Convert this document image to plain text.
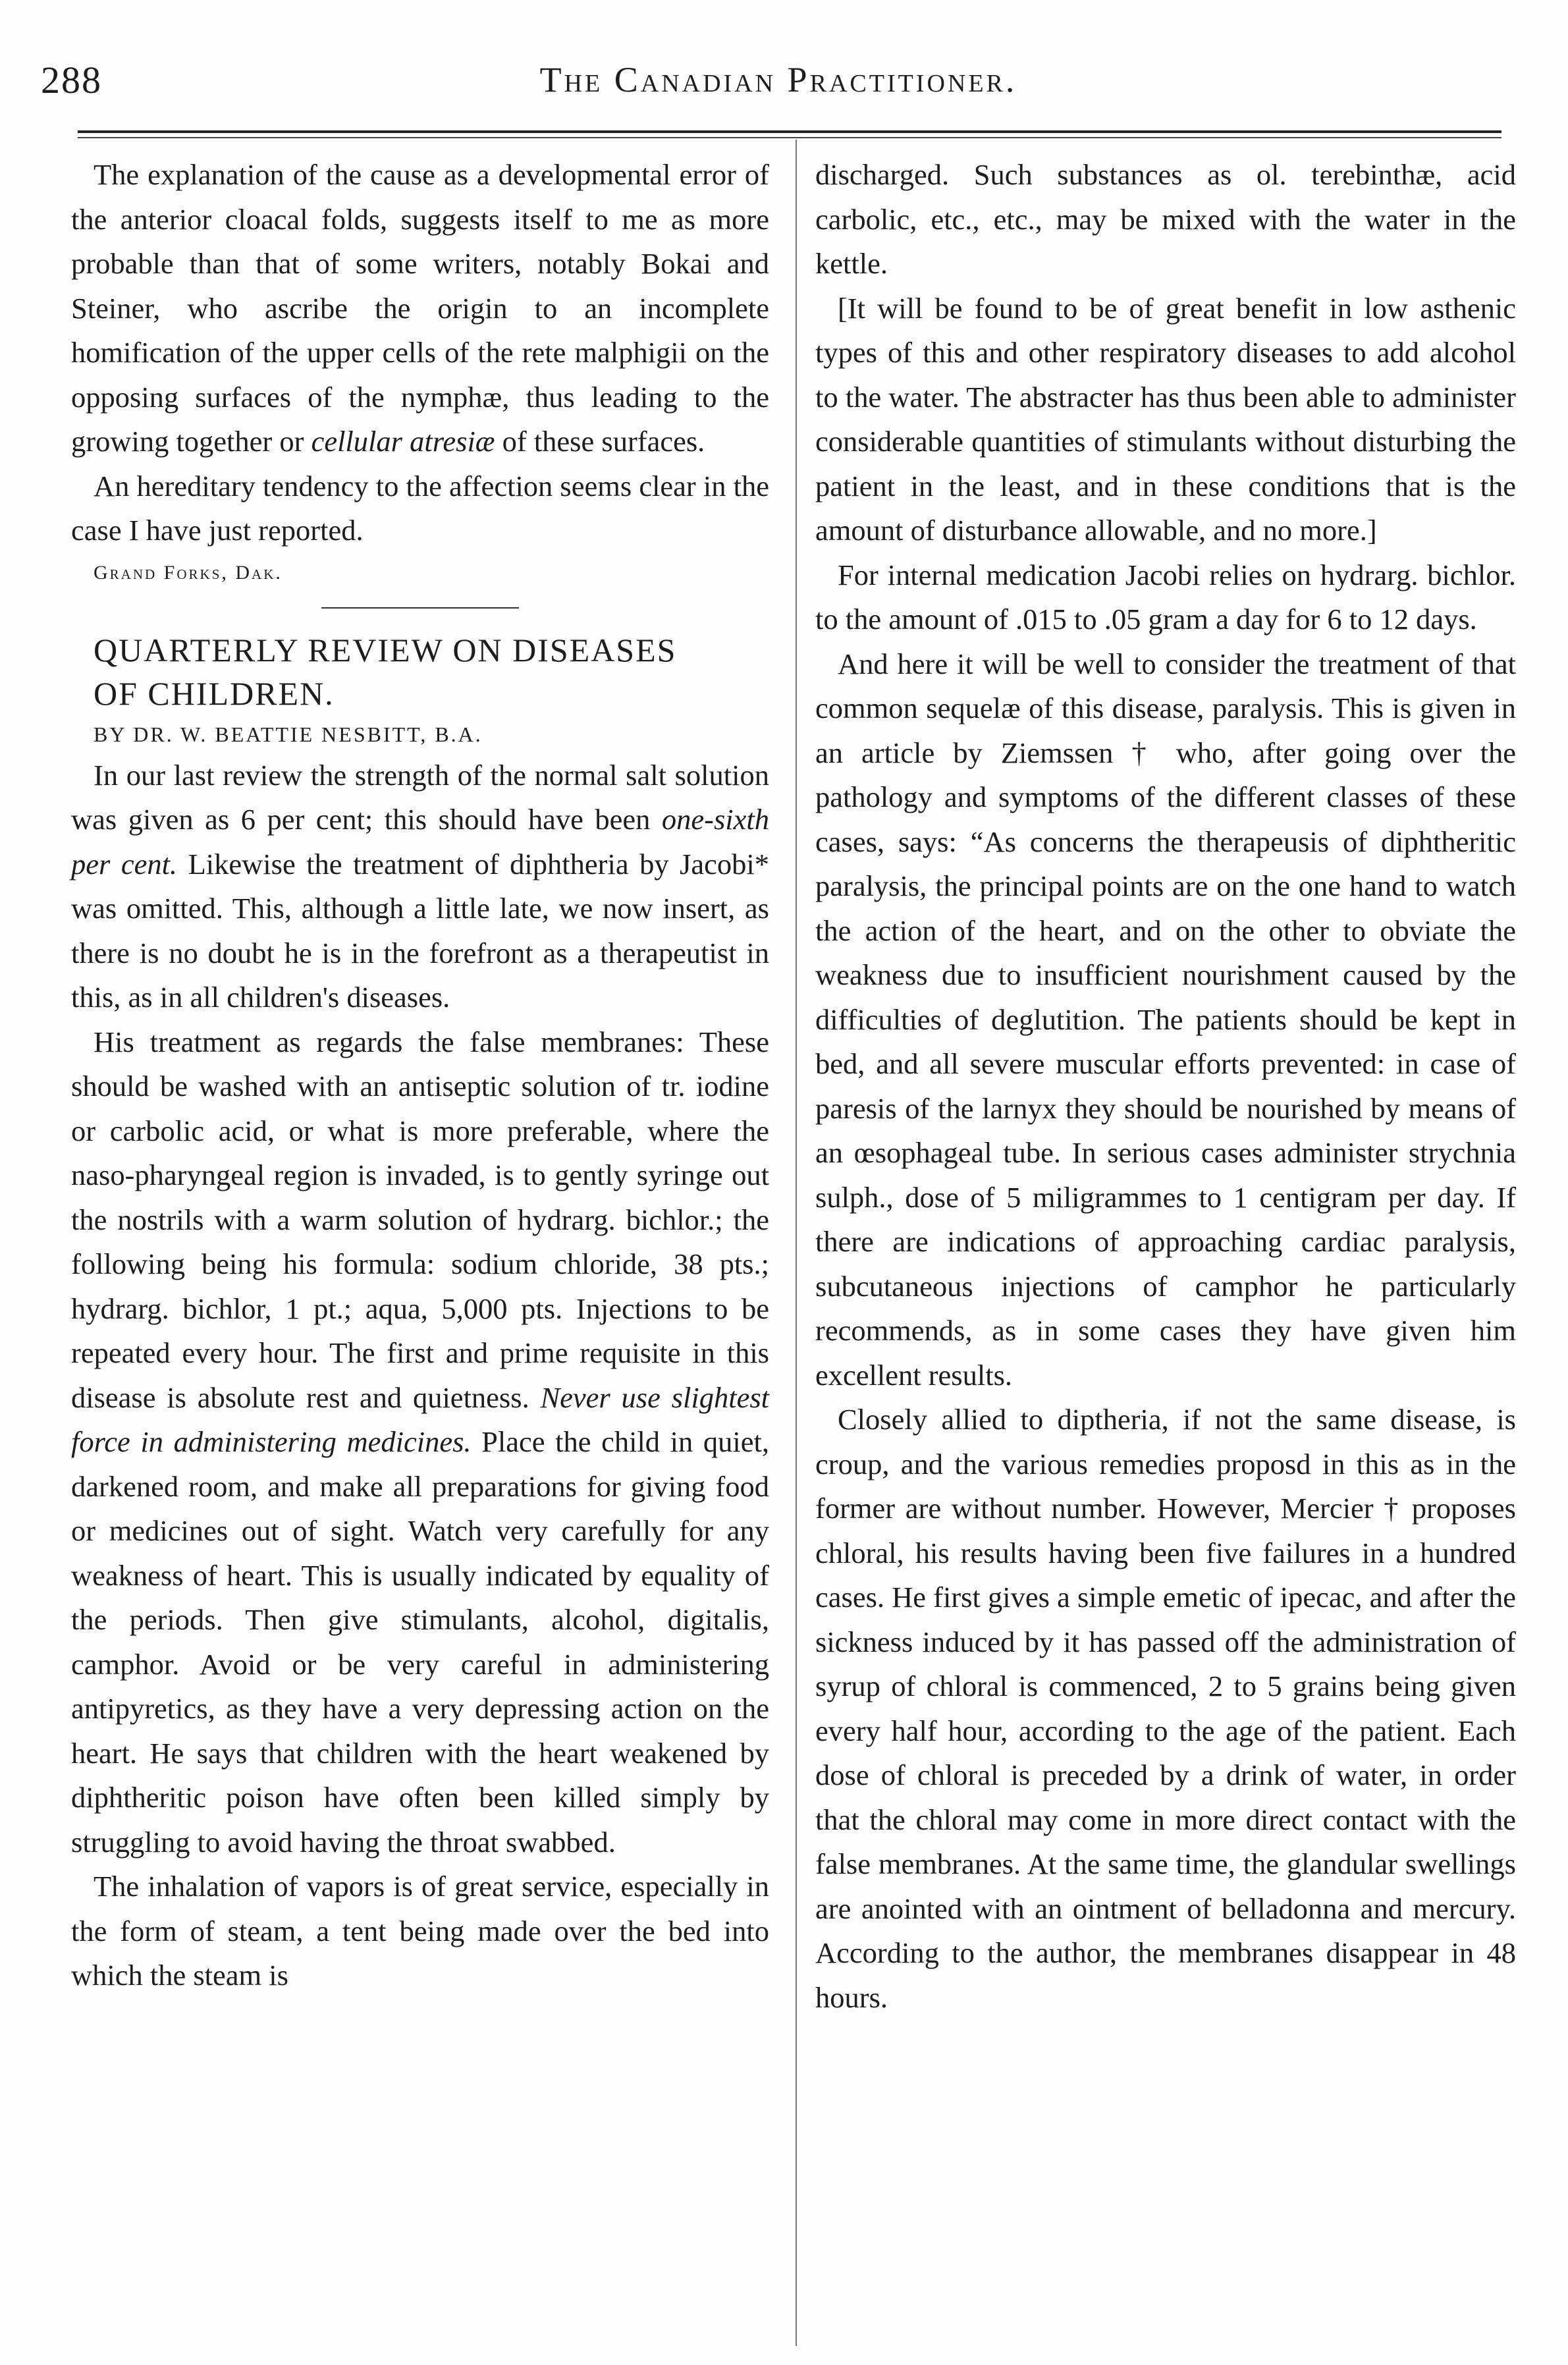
288	The Canadian Practitioner.

The explanation of the cause as a developmental error of the anterior cloacal folds, suggests itself to me as more probable than that of some writers, notably Bokai and Steiner, who ascribe the origin to an incomplete homification of the upper cells of the rete malphigii on the opposing surfaces of the nymphæ, thus leading to the growing together or cellular atresiæ of these surfaces.

An hereditary tendency to the affection seems clear in the case I have just reported.

Grand Forks, Dak.

QUARTERLY REVIEW ON DISEASES

OF CHILDREN.

BY DR. W. BEATTIE NESBITT, B.A.

In our last review the strength of the normal salt solution was given as 6 per cent; this should have been one-sixth per cent. Likewise the treatment of diphtheria by Jacobi* was omitted. This, although a little late, we now insert, as there is no doubt he is in the forefront as a therapeutist in this, as in all children's diseases.

His treatment as regards the false membranes: These should be washed with an antiseptic solution of tr. iodine or carbolic acid, or what is more preferable, where the naso-pharyngeal region is invaded, is to gently syringe out the nostrils with a warm solution of hydrarg. bichlor.; the following being his formula: sodium chloride, 38 pts.; hydrarg. bichlor, 1 pt.; aqua, 5,000 pts. Injections to be repeated every hour. The first and prime requisite in this disease is absolute rest and quietness. Never use slightest force in administering medicines. Place the child in quiet, darkened room, and make all preparations for giving food or medicines out of sight. Watch very carefully for any weakness of heart. This is usually indicated by equality of the periods. Then give stimulants, alcohol, digitalis, camphor. Avoid or be very careful in administering antipyretics, as they have a very depressing action on the heart. He says that children with the heart weakened by diphtheritic poison have often been killed simply by struggling to avoid having the throat swabbed.

The inhalation of vapors is of great service, especially in the form of steam, a tent being made over the bed into which the steam is

discharged. Such substances as ol. terebinthæ, acid carbolic, etc., etc., may be mixed with the water in the kettle.

[It will be found to be of great benefit in low asthenic types of this and other respiratory diseases to add alcohol to the water. The abstracter has thus been able to administer considerable quantities of stimulants without disturbing the patient in the least, and in these conditions that is the amount of disturbance allowable, and no more.]

For internal medication Jacobi relies on hydrarg. bichlor. to the amount of .015 to .05 gram a day for 6 to 12 days.

And here it will be well to consider the treatment of that common sequelæ of this disease, paralysis. This is given in an article by Ziemssen † who, after going over the pathology and symptoms of the different classes of these cases, says: “As concerns the therapeusis of diphtheritic paralysis, the principal points are on the one hand to watch the action of the heart, and on the other to obviate the weakness due to insufficient nourishment caused by the difficulties of deglutition. The patients should be kept in bed, and all severe muscular efforts prevented: in case of paresis of the larnyx they should be nourished by means of an œsophageal tube. In serious cases administer strychnia sulph., dose of 5 miligrammes to 1 centigram per day. If there are indications of approaching cardiac paralysis, subcutaneous injections of camphor he particularly recommends, as in some cases they have given him excellent results.

Closely allied to diptheria, if not the same disease, is croup, and the various remedies proposd in this as in the former are without number. However, Mercier † proposes chloral, his results having been five failures in a hundred cases. He first gives a simple emetic of ipecac, and after the sickness induced by it has passed off the administration of syrup of chloral is commenced, 2 to 5 grains being given every half hour, according to the age of the patient. Each dose of chloral is preceded by a drink of water, in order that the chloral may come in more direct contact with the false membranes. At the same time, the glandular swellings are anointed with an ointment of belladonna and mercury. According to the author, the membranes disappear in 48 hours.
